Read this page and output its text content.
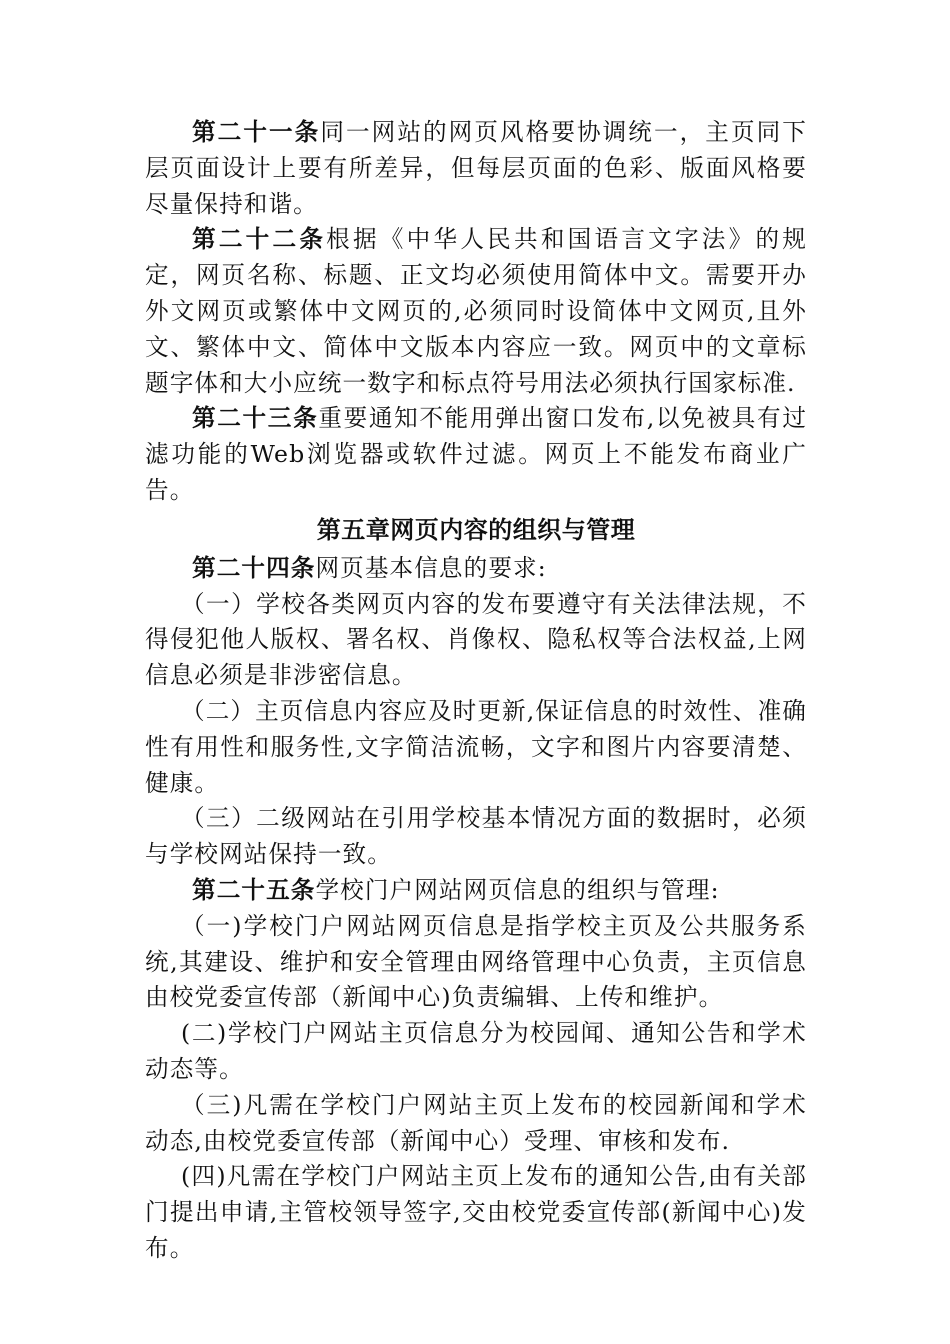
第二十一条同一网站的网页风格要协调统一，主页同下层页面设计上要有所差异，但每层页面的色彩、版面风格要尽量保持和谐。

第二十二条根据《中华人民共和国语言文字法》的规定，网页名称、标题、正文均必须使用简体中文。需要开办外文网页或繁体中文网页的,必须同时设简体中文网页,且外文、繁体中文、简体中文版本内容应一致。网页中的文章标题字体和大小应统一数字和标点符号用法必须执行国家标准.

第二十三条重要通知不能用弹出窗口发布,以免被具有过滤功能的Web浏览器或软件过滤。网页上不能发布商业广告。

第五章网页内容的组织与管理

第二十四条网页基本信息的要求:

（一）学校各类网页内容的发布要遵守有关法律法规，不得侵犯他人版权、署名权、肖像权、隐私权等合法权益,上网信息必须是非涉密信息。

（二）主页信息内容应及时更新,保证信息的时效性、准确性有用性和服务性,文字简洁流畅，文字和图片内容要清楚、健康。

（三）二级网站在引用学校基本情况方面的数据时，必须与学校网站保持一致。

第二十五条学校门户网站网页信息的组织与管理:

（一)学校门户网站网页信息是指学校主页及公共服务系统,其建设、维护和安全管理由网络管理中心负责，主页信息由校党委宣传部（新闻中心)负责编辑、上传和维护。

(二)学校门户网站主页信息分为校园闻、通知公告和学术动态等。

（三)凡需在学校门户网站主页上发布的校园新闻和学术动态,由校党委宣传部（新闻中心）受理、审核和发布.

(四)凡需在学校门户网站主页上发布的通知公告,由有关部门提出申请,主管校领导签字,交由校党委宣传部(新闻中心)发布。
